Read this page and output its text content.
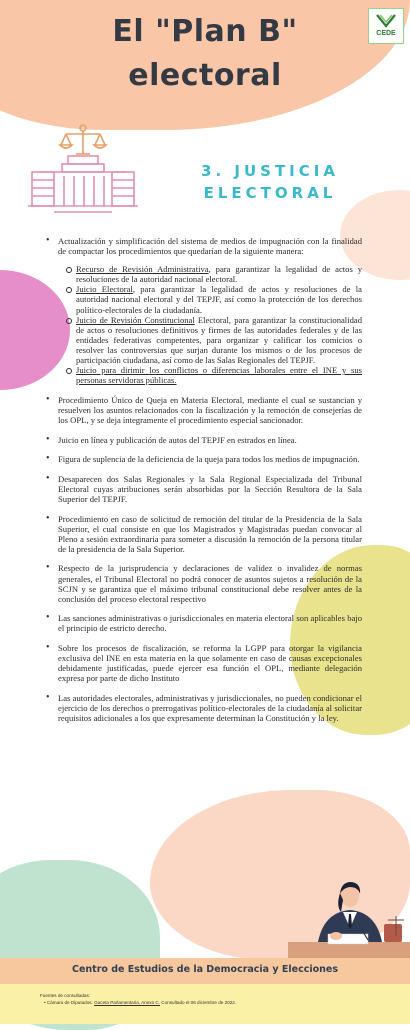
El "Plan B" electoral
CEDE
3. JUSTICIA ELECTORAL
• Actualización y simplificación del sistema de medios de impugnación con la finalidad de compactar los procedimientos que quedarían de la siguiente manera:
Recurso de Revisión Administrativa, para garantizar la legalidad de actos y resoluciones de la autoridad nacional electoral.
Juicio Electoral, para garantizar la legalidad de actos y resoluciones de la autoridad nacional electoral y del TEPJF, así como la protección de los derechos político-electorales de la ciudadanía.
Juicio de Revisión Constitucional Electoral, para garantizar la constitucionalidad de actos o resoluciones definitivos y firmes de las autoridades federales y de las entidades federativas competentes, para organizar y calificar los comicios o resolver las controversias que surjan durante los mismos o de los procesos de participación ciudadana, así como de las Salas Regionales del TEPJF.
Juicio para dirimir los conflictos o diferencias laborales entre el INE y sus personas servidoras públicas.
• Procedimiento Único de Queja en Materia Electoral, mediante el cual se sustancian y resuelven los asuntos relacionados con la fiscalización y la remoción de consejerías de los OPL, y se deja íntegramente el procedimiento especial sancionador.
• Juicio en línea y publicación de autos del TEPJF en estrados en línea.
• Figura de suplencia de la deficiencia de la queja para todos los medios de impugnación.
• Desaparecen dos Salas Regionales y la Sala Regional Especializada del Tribunal Electoral cuyas atribuciones serán absorbidas por la Sección Resultora de la Sala Superior del TEPJF.
• Procedimiento en caso de solicitud de remoción del titular de la Presidencia de la Sala Superior, el cual consiste en que los Magistrados y Magistradas puedan convocar al Pleno a sesión extraordinaria para someter a discusión la remoción de la persona titular de la presidencia de la Sala Superior.
• Respecto de la jurisprudencia y declaraciones de validez o invalidez de normas generales, el Tribunal Electoral no podrá conocer de asuntos sujetos a resolución de la SCJN y se garantiza que el máximo tribunal constitucional debe resolver antes de la conclusión del proceso electoral respectivo
• Las sanciones administrativas o jurisdiccionales en materia electoral son aplicables bajo el principio de estricto derecho.
• Sobre los procesos de fiscalización, se reforma la LGPP para otorgar la vigilancia exclusiva del INE en esta materia en la que solamente en caso de causas excepcionales debidamente justificadas, puede ejercer esa función el OPL, mediante delegación expresa por parte de dicho Instituto
• Las autoridades electorales, administrativas y jurisdiccionales, no pueden condicionar el ejercicio de los derechos o prerrogativas político-electorales de la ciudadanía al solicitar requisitos adicionales a los que expresamente determinan la Constitución y la ley.
Centro de Estudios de la Democracia y Elecciones
Fuentes de consultadas:
• Cámara de Diputados. Gaceta Parlamentaria, Anexo C. Consultado el 06 diciembre de 2022.
